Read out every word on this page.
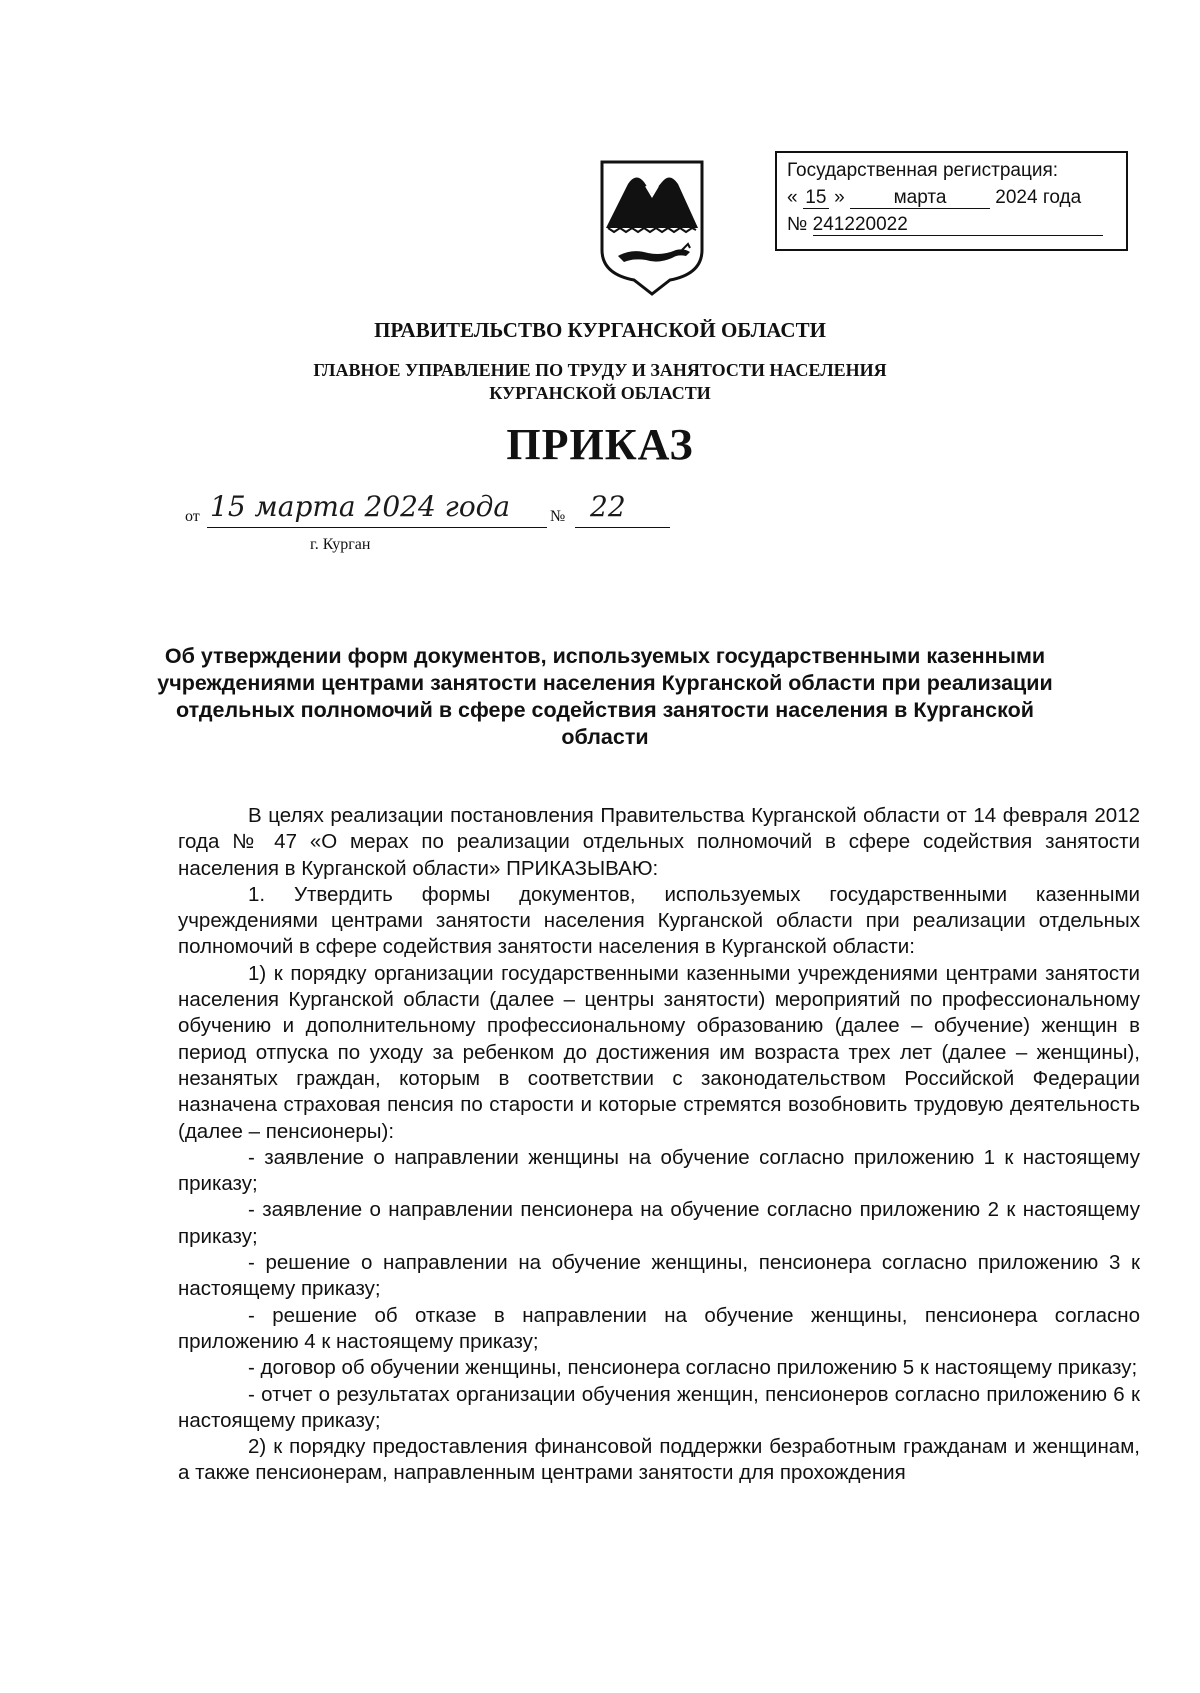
Государственная регистрация:
« 15 »	марта	2024 года
№ 241220022
ПРАВИТЕЛЬСТВО КУРГАНСКОЙ ОБЛАСТИ
ГЛАВНОЕ УПРАВЛЕНИЕ ПО ТРУДУ И ЗАНЯТОСТИ НАСЕЛЕНИЯ
КУРГАНСКОЙ ОБЛАСТИ
ПРИКАЗ
от 15 марта 2024 года № 22
г. Курган
Об утверждении форм документов, используемых государственными казенными учреждениями центрами занятости населения Курганской области при реализации отдельных полномочий в сфере содействия занятости населения в Курганской области

В целях реализации постановления Правительства Курганской области от 14 февраля 2012 года № 47 «О мерах по реализации отдельных полномочий в сфере содействия занятости населения в Курганской области» ПРИКАЗЫВАЮ:

1. Утвердить формы документов, используемых государственными казенными учреждениями центрами занятости населения Курганской области при реализации отдельных полномочий в сфере содействия занятости населения в Курганской области:

1) к порядку организации государственными казенными учреждениями центрами занятости населения Курганской области (далее – центры занятости) мероприятий по профессиональному обучению и дополнительному профессиональному образованию (далее – обучение) женщин в период отпуска по уходу за ребенком до достижения им возраста трех лет (далее – женщины), незанятых граждан, которым в соответствии с законодательством Российской Федерации назначена страховая пенсия по старости и которые стремятся возобновить трудовую деятельность (далее – пенсионеры):

- заявление о направлении женщины на обучение согласно приложению 1 к настоящему приказу;

- заявление о направлении пенсионера на обучение согласно приложению 2 к настоящему приказу;

- решение о направлении на обучение женщины, пенсионера согласно приложению 3 к настоящему приказу;

- решение об отказе в направлении на обучение женщины, пенсионера согласно приложению 4 к настоящему приказу;

- договор об обучении женщины, пенсионера согласно приложению 5 к настоящему приказу;

- отчет о результатах организации обучения женщин, пенсионеров согласно приложению 6 к настоящему приказу;

2) к порядку предоставления финансовой поддержки безработным гражданам и женщинам, а также пенсионерам, направленным центрами занятости для прохождения
